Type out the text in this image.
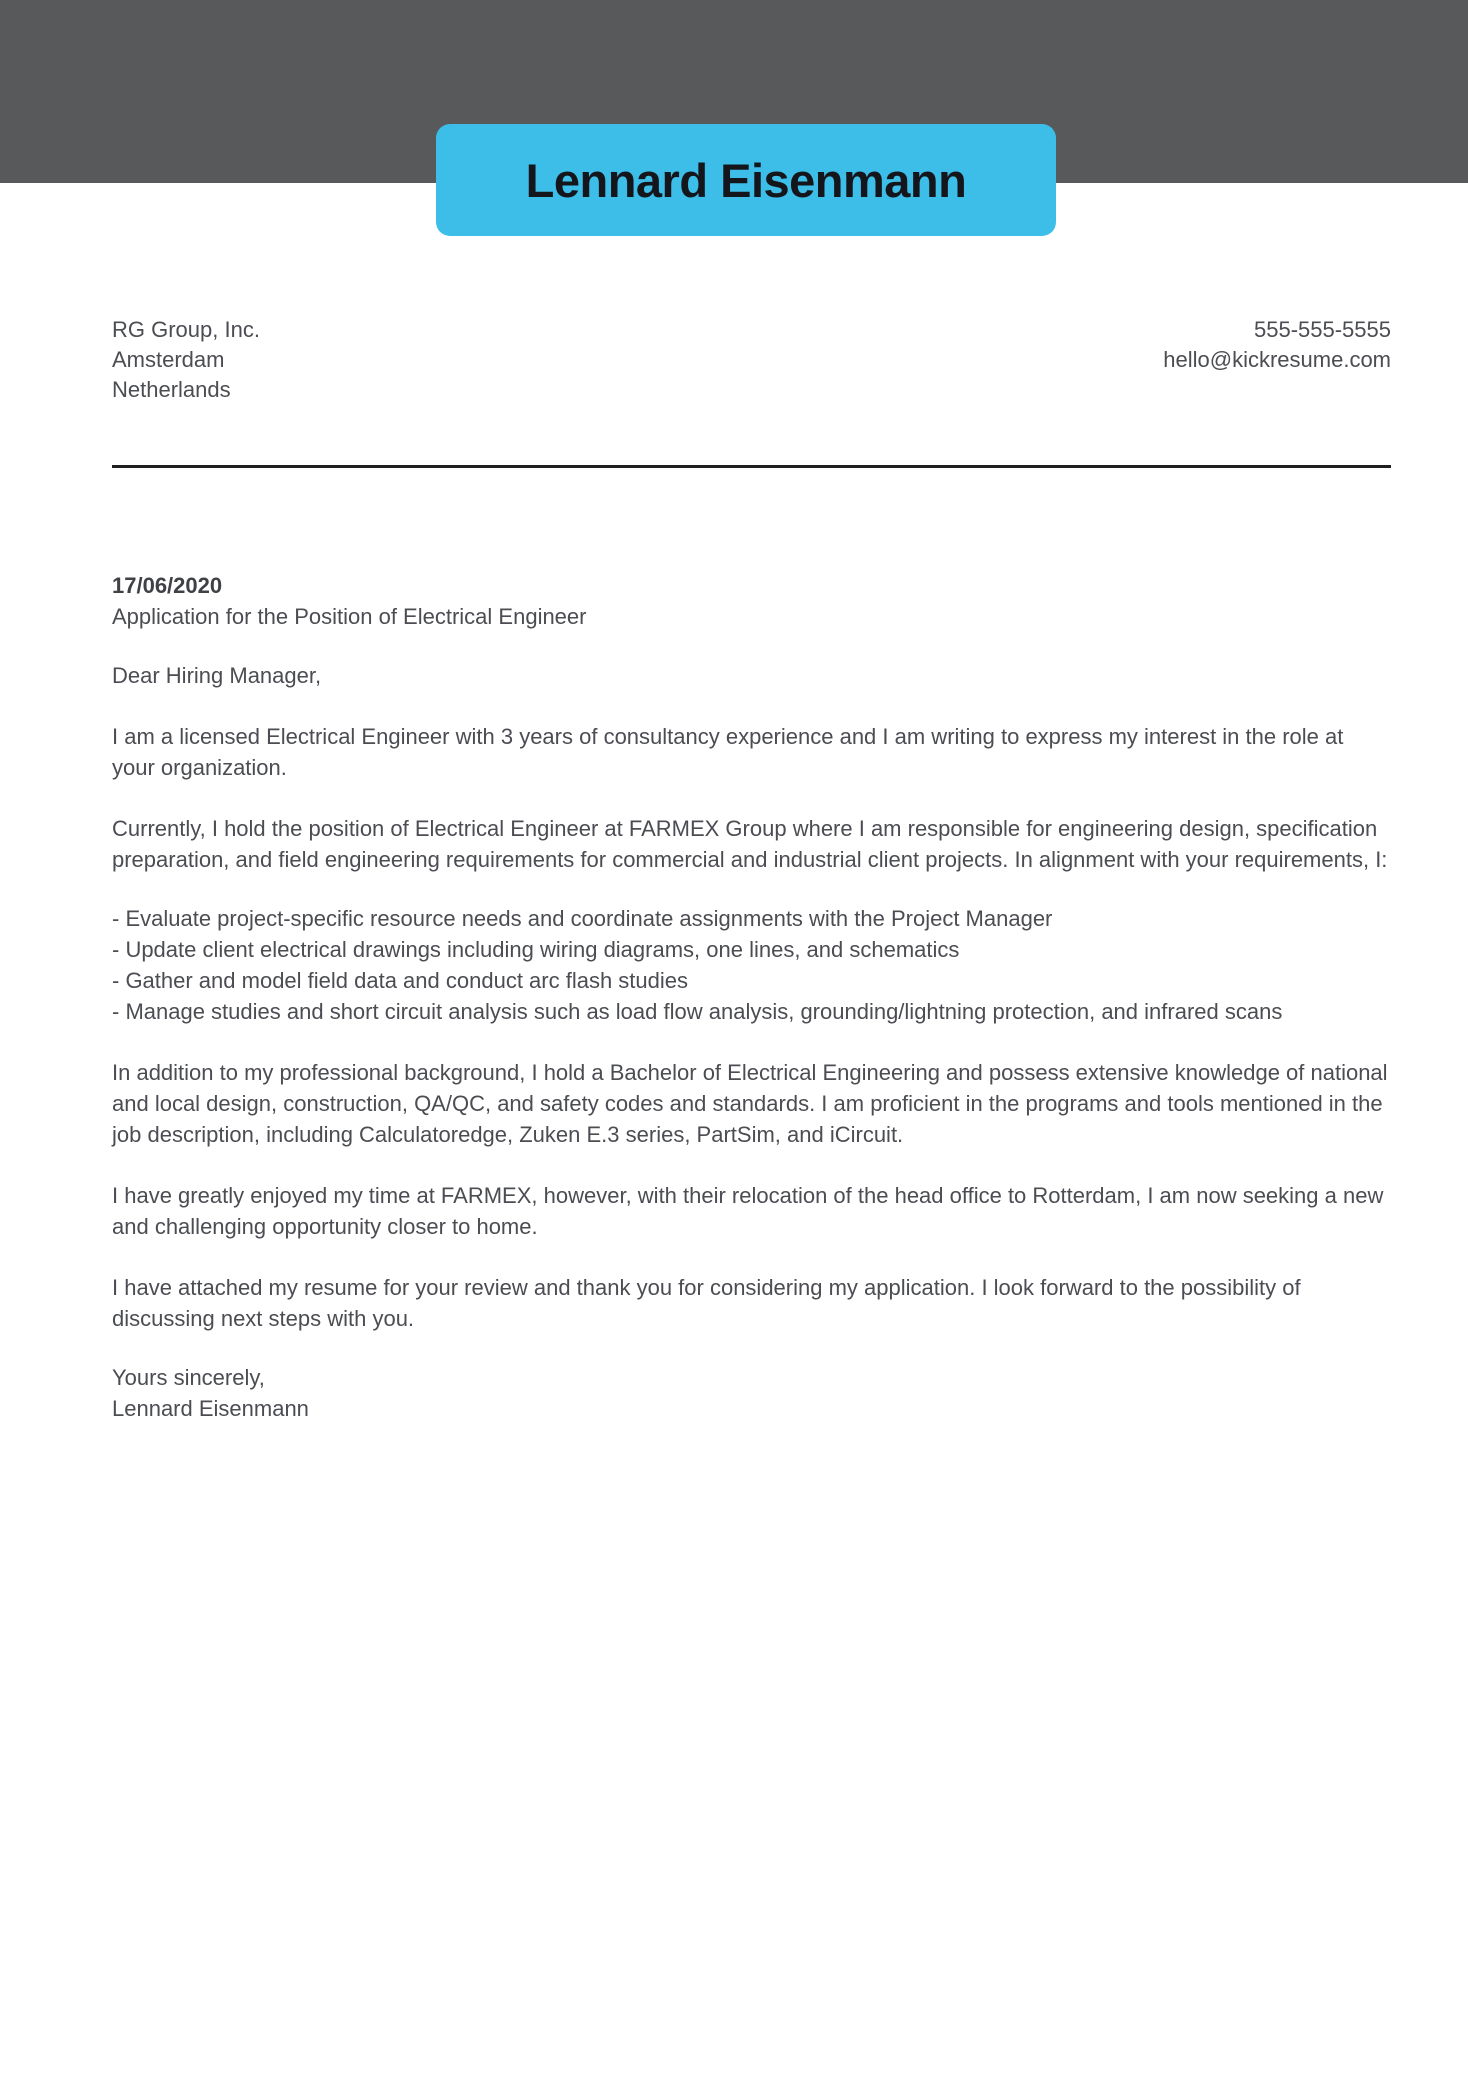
Lennard Eisenmann
RG Group, Inc.
Amsterdam
Netherlands
555-555-5555
hello@kickresume.com
17/06/2020
Application for the Position of Electrical Engineer

Dear Hiring Manager,

I am a licensed Electrical Engineer with 3 years of consultancy experience and I am writing to express my interest in the role at your organization.

Currently, I hold the position of Electrical Engineer at FARMEX Group where I am responsible for engineering design, specification preparation, and field engineering requirements for commercial and industrial client projects. In alignment with your requirements, I:

- Evaluate project-specific resource needs and coordinate assignments with the Project Manager
- Update client electrical drawings including wiring diagrams, one lines, and schematics
- Gather and model field data and conduct arc flash studies
- Manage studies and short circuit analysis such as load flow analysis, grounding/lightning protection, and infrared scans

In addition to my professional background, I hold a Bachelor of Electrical Engineering and possess extensive knowledge of national and local design, construction, QA/QC, and safety codes and standards. I am proficient in the programs and tools mentioned in the job description, including Calculatoredge, Zuken E.3 series, PartSim, and iCircuit.

I have greatly enjoyed my time at FARMEX, however, with their relocation of the head office to Rotterdam, I am now seeking a new and challenging opportunity closer to home.

I have attached my resume for your review and thank you for considering my application. I look forward to the possibility of discussing next steps with you.

Yours sincerely,
Lennard Eisenmann
